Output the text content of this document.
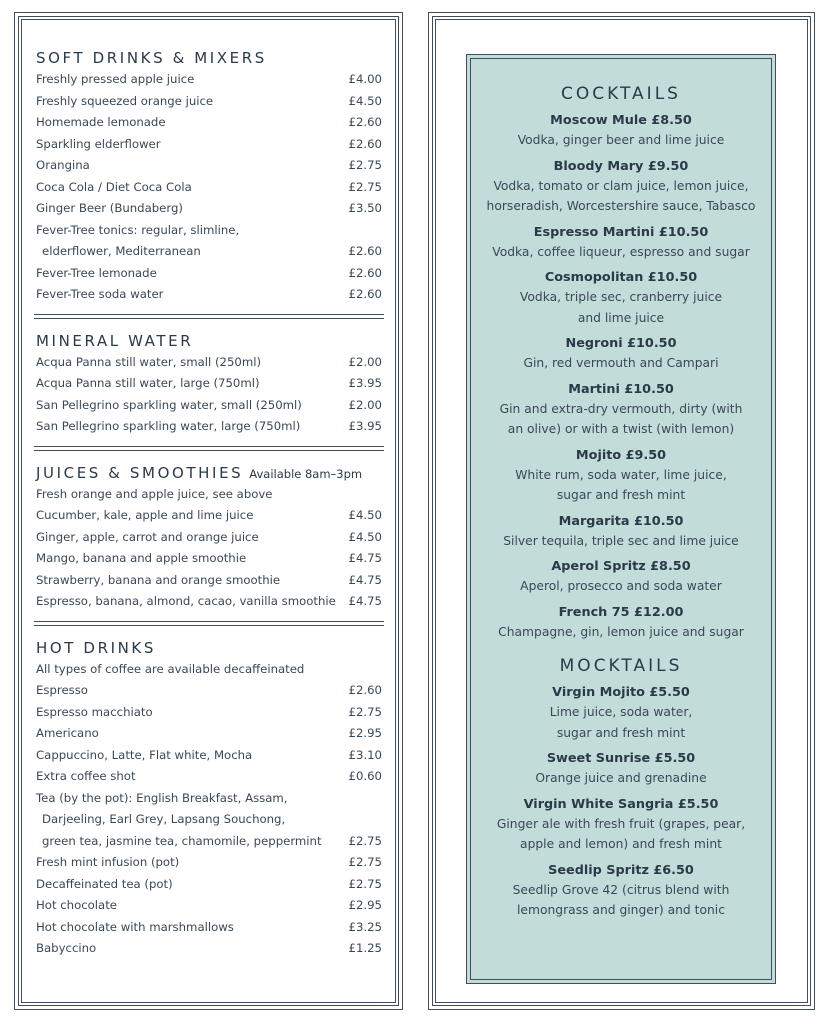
SOFT DRINKS & MIXERS
Freshly pressed apple juice	£4.00
Freshly squeezed orange juice	£4.50
Homemade lemonade	£2.60
Sparkling elderflower	£2.60
Orangina	£2.75
Coca Cola / Diet Coca Cola	£2.75
Ginger Beer (Bundaberg)	£3.50
Fever-Tree tonics: regular, slimline,
elderflower, Mediterranean	£2.60
Fever-Tree lemonade	£2.60
Fever-Tree soda water	£2.60
MINERAL WATER
Acqua Panna still water, small (250ml)	£2.00
Acqua Panna still water, large (750ml)	£3.95
San Pellegrino sparkling water, small (250ml)	£2.00
San Pellegrino sparkling water, large (750ml)	£3.95
JUICES & SMOOTHIES Available 8am–3pm
Fresh orange and apple juice, see above
Cucumber, kale, apple and lime juice	£4.50
Ginger, apple, carrot and orange juice	£4.50
Mango, banana and apple smoothie	£4.75
Strawberry, banana and orange smoothie	£4.75
Espresso, banana, almond, cacao, vanilla smoothie £4.75
HOT DRINKS
All types of coffee are available decaffeinated
Espresso	£2.60
Espresso macchiato	£2.75
Americano	£2.95
Cappuccino, Latte, Flat white, Mocha	£3.10
Extra coffee shot	£0.60
Tea (by the pot): English Breakfast, Assam,
Darjeeling, Earl Grey, Lapsang Souchong,
green tea, jasmine tea, chamomile, peppermint £2.75
Fresh mint infusion (pot)	£2.75
Decaffeinated tea (pot)	£2.75
Hot chocolate	£2.95
Hot chocolate with marshmallows	£3.25
Babyccino	£1.25
COCKTAILS
Moscow Mule £8.50
Vodka, ginger beer and lime juice
Bloody Mary £9.50
Vodka, tomato or clam juice, lemon juice,
horseradish, Worcestershire sauce, Tabasco
Espresso Martini £10.50
Vodka, coffee liqueur, espresso and sugar
Cosmopolitan £10.50
Vodka, triple sec, cranberry juice
and lime juice
Negroni £10.50
Gin, red vermouth and Campari
Martini £10.50
Gin and extra-dry vermouth, dirty (with
an olive) or with a twist (with lemon)
Mojito £9.50
White rum, soda water, lime juice,
sugar and fresh mint
Margarita £10.50
Silver tequila, triple sec and lime juice
Aperol Spritz £8.50
Aperol, prosecco and soda water
French 75 £12.00
Champagne, gin, lemon juice and sugar
MOCKTAILS
Virgin Mojito £5.50
Lime juice, soda water,
sugar and fresh mint
Sweet Sunrise £5.50
Orange juice and grenadine
Virgin White Sangria £5.50
Ginger ale with fresh fruit (grapes, pear,
apple and lemon) and fresh mint
Seedlip Spritz £6.50
Seedlip Grove 42 (citrus blend with
lemongrass and ginger) and tonic
